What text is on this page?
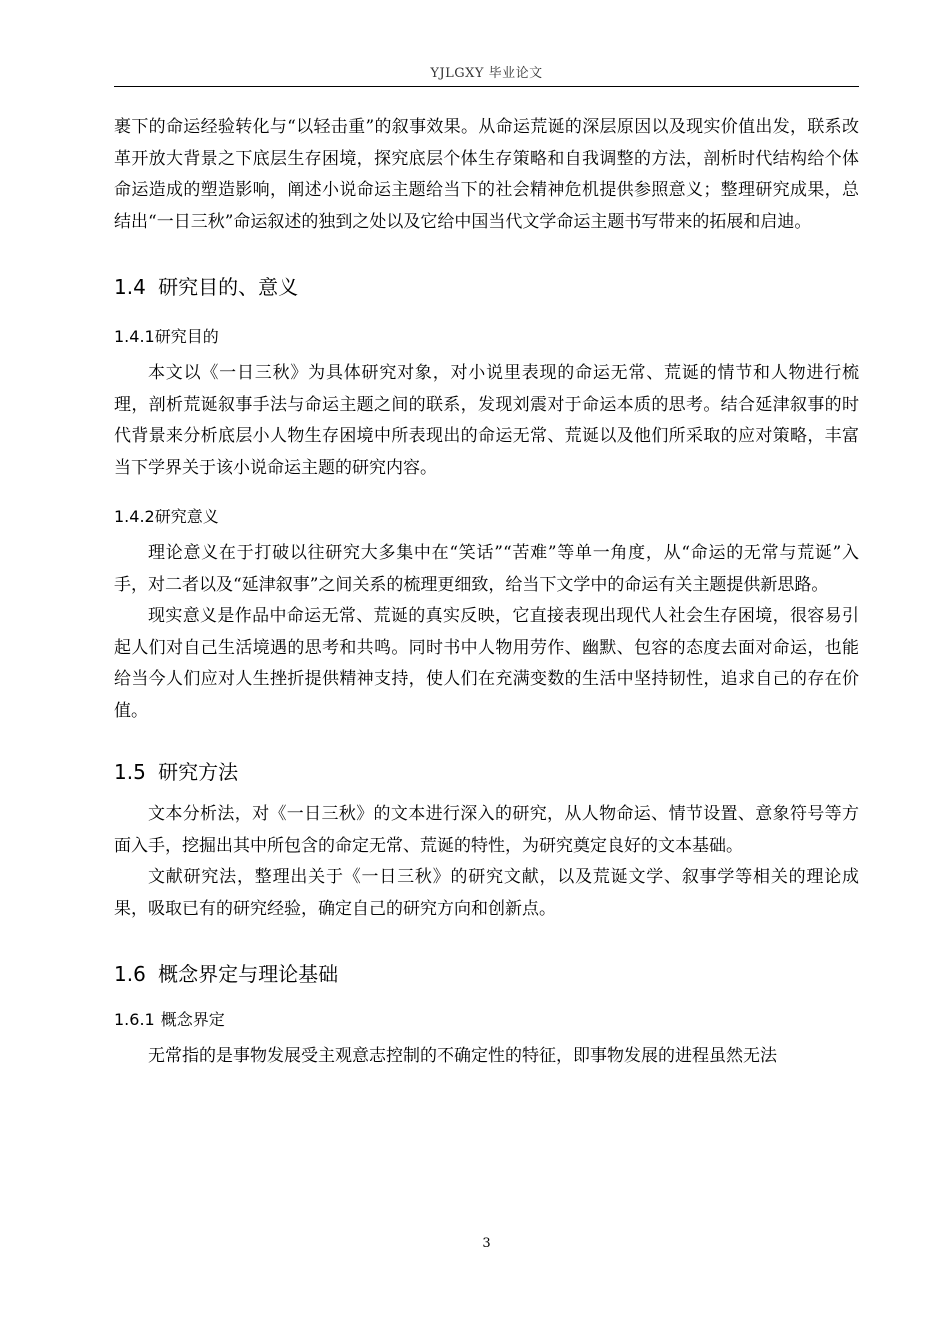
YJLGXY 毕业论文

裹下的命运经验转化与“以轻击重”的叙事效果。从命运荒诞的深层原因以及现实价值出发，联系改革开放大背景之下底层生存困境，探究底层个体生存策略和自我调整的方法，剖析时代结构给个体命运造成的塑造影响，阐述小说命运主题给当下的社会精神危机提供参照意义；整理研究成果，总结出“一日三秋”命运叙述的独到之处以及它给中国当代文学命运主题书写带来的拓展和启迪。

1.4 研究目的、意义
1.4.1研究目的

本文以《一日三秋》为具体研究对象，对小说里表现的命运无常、荒诞的情节和人物进行梳理，剖析荒诞叙事手法与命运主题之间的联系，发现刘震对于命运本质的思考。结合延津叙事的时代背景来分析底层小人物生存困境中所表现出的命运无常、荒诞以及他们所采取的应对策略，丰富当下学界关于该小说命运主题的研究内容。

1.4.2研究意义

理论意义在于打破以往研究大多集中在“笑话”“苦难”等单一角度，从“命运的无常与荒诞”入手，对二者以及“延津叙事”之间关系的梳理更细致，给当下文学中的命运有关主题提供新思路。

现实意义是作品中命运无常、荒诞的真实反映，它直接表现出现代人社会生存困境，很容易引起人们对自己生活境遇的思考和共鸣。同时书中人物用劳作、幽默、包容的态度去面对命运，也能给当今人们应对人生挫折提供精神支持，使人们在充满变数的生活中坚持韧性，追求自己的存在价值。

1.5 研究方法

文本分析法，对《一日三秋》的文本进行深入的研究，从人物命运、情节设置、意象符号等方面入手，挖掘出其中所包含的命定无常、荒诞的特性，为研究奠定良好的文本基础。

文献研究法，整理出关于《一日三秋》的研究文献，以及荒诞文学、叙事学等相关的理论成果，吸取已有的研究经验，确定自己的研究方向和创新点。

1.6 概念界定与理论基础
1.6.1 概念界定

无常指的是事物发展受主观意志控制的不确定性的特征，即事物发展的进程虽然无法

3
